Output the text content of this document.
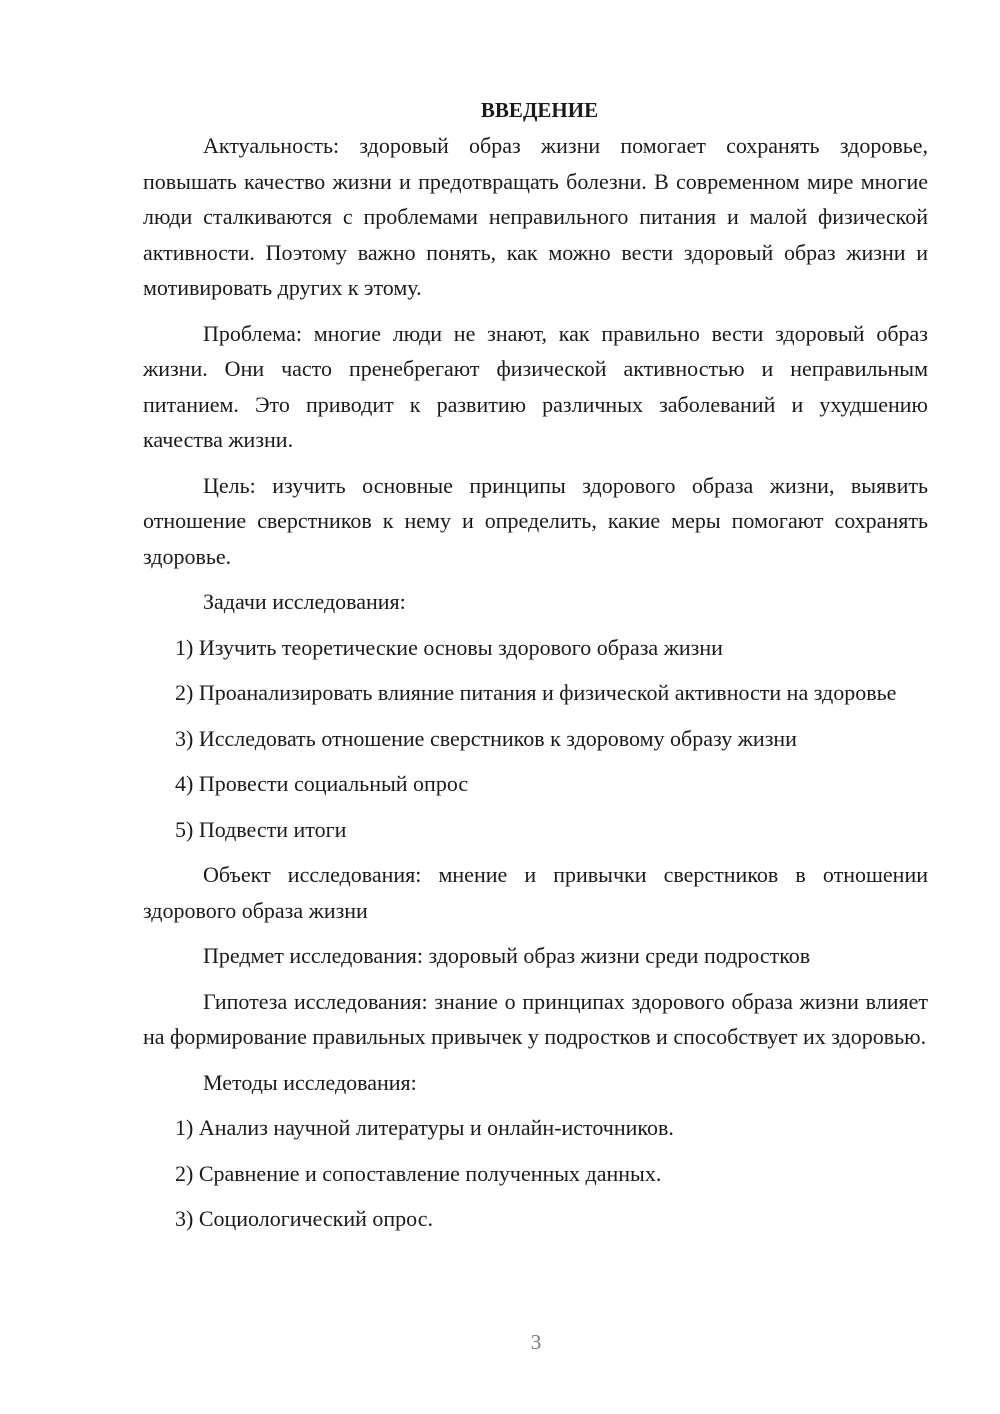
ВВЕДЕНИЕ

Актуальность: здоровый образ жизни помогает сохранять здоровье, повышать качество жизни и предотвращать болезни. В современном мире многие люди сталкиваются с проблемами неправильного питания и малой физической активности. Поэтому важно понять, как можно вести здоровый образ жизни и мотивировать других к этому.

Проблема: многие люди не знают, как правильно вести здоровый образ жизни. Они часто пренебрегают физической активностью и неправильным питанием. Это приводит к развитию различных заболеваний и ухудшению качества жизни.

Цель: изучить основные принципы здорового образа жизни, выявить отношение сверстников к нему и определить, какие меры помогают сохранять здоровье.

Задачи исследования:

1) Изучить теоретические основы здорового образа жизни

2) Проанализировать влияние питания и физической активности на здоровье

3) Исследовать отношение сверстников к здоровому образу жизни

4) Провести социальный опрос

5) Подвести итоги

Объект исследования: мнение и привычки сверстников в отношении здорового образа жизни

Предмет исследования: здоровый образ жизни среди подростков

Гипотеза исследования: знание о принципах здорового образа жизни влияет на формирование правильных привычек у подростков и способствует их здоровью.

Методы исследования:

1) Анализ научной литературы и онлайн-источников.

2) Сравнение и сопоставление полученных данных.

3) Социологический опрос.

3
